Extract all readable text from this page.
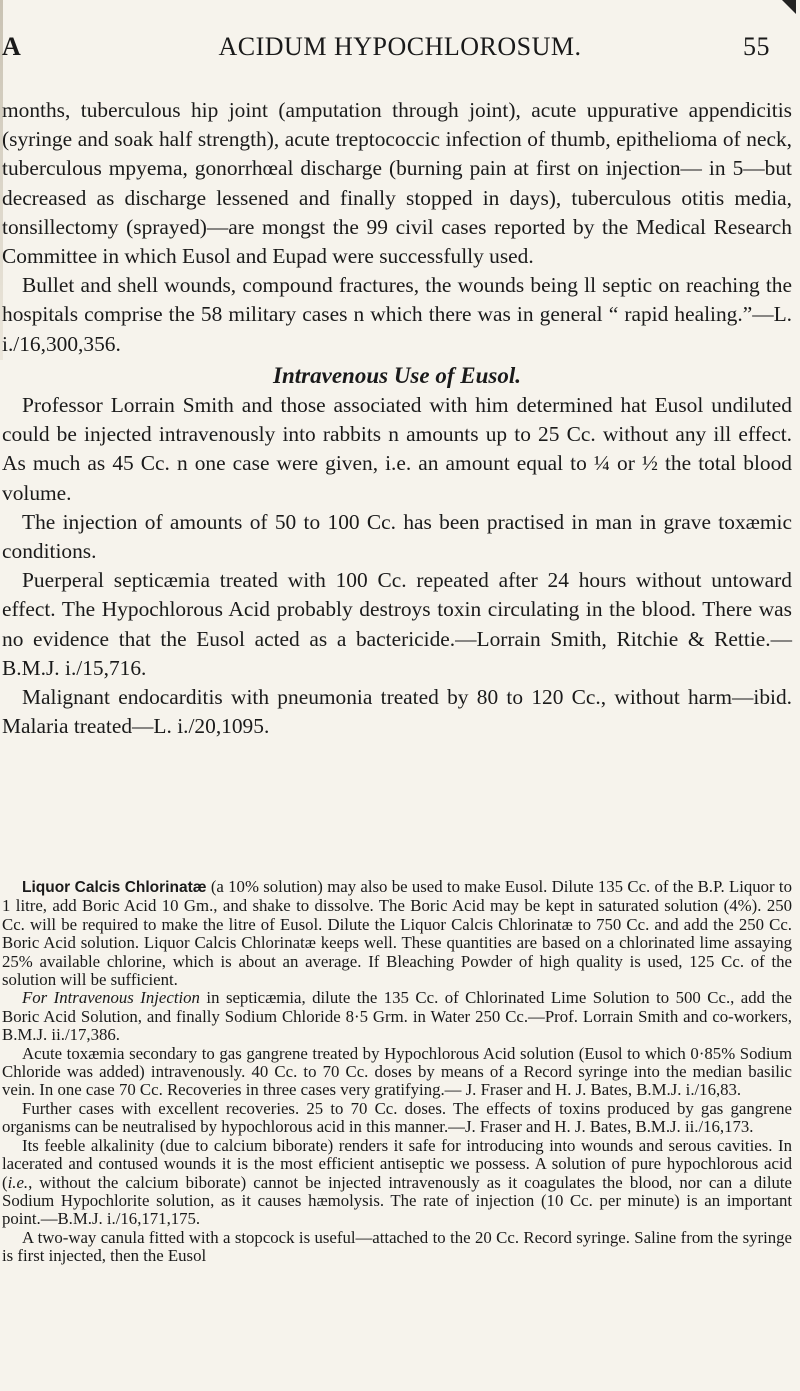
A	ACIDUM HYPOCHLOROSUM.	55

months, tuberculous hip joint (amputation through joint), acute uppurative appendicitis (syringe and soak half strength), acute treptococcic infection of thumb, epithelioma of neck, tuberculous mpyema, gonorrhœal discharge (burning pain at first on injection— in 5—but decreased as discharge lessened and finally stopped in days), tuberculous otitis media, tonsillectomy (sprayed)—are mongst the 99 civil cases reported by the Medical Research Committee in which Eusol and Eupad were successfully used.

Bullet and shell wounds, compound fractures, the wounds being ll septic on reaching the hospitals comprise the 58 military cases n which there was in general “ rapid healing.”—L. i./16,300,356.

Intravenous Use of Eusol.

Professor Lorrain Smith and those associated with him determined hat Eusol undiluted could be injected intravenously into rabbits n amounts up to 25 Cc. without any ill effect. As much as 45 Cc. n one case were given, i.e. an amount equal to ¼ or ½ the total blood volume.

The injection of amounts of 50 to 100 Cc. has been practised in man in grave toxæmic conditions.

Puerperal septicæmia treated with 100 Cc. repeated after 24 hours without untoward effect. The Hypochlorous Acid probably destroys toxin circulating in the blood. There was no evidence that the Eusol acted as a bactericide.—Lorrain Smith, Ritchie & Rettie.—B.M.J. i./15,716.

Malignant endocarditis with pneumonia treated by 80 to 120 Cc., without harm—ibid. Malaria treated—L. i./20,1095.

Liquor Calcis Chlorinatæ (a 10% solution) may also be used to make Eusol. Dilute 135 Cc. of the B.P. Liquor to 1 litre, add Boric Acid 10 Gm., and shake to dissolve. The Boric Acid may be kept in saturated solution (4%). 250 Cc. will be required to make the litre of Eusol. Dilute the Liquor Calcis Chlorinatæ to 750 Cc. and add the 250 Cc. Boric Acid solution. Liquor Calcis Chlorinatæ keeps well. These quantities are based on a chlorinated lime assaying 25% available chlorine, which is about an average. If Bleaching Powder of high quality is used, 125 Cc. of the solution will be sufficient.

For Intravenous Injection in septicæmia, dilute the 135 Cc. of Chlorinated Lime Solution to 500 Cc., add the Boric Acid Solution, and finally Sodium Chloride 8·5 Grm. in Water 250 Cc.—Prof. Lorrain Smith and co-workers, B.M.J. ii./17,386.

Acute toxæmia secondary to gas gangrene treated by Hypochlorous Acid solution (Eusol to which 0·85% Sodium Chloride was added) intravenously. 40 Cc. to 70 Cc. doses by means of a Record syringe into the median basilic vein. In one case 70 Cc. Recoveries in three cases very gratifying.— J. Fraser and H. J. Bates, B.M.J. i./16,83.

Further cases with excellent recoveries. 25 to 70 Cc. doses. The effects of toxins produced by gas gangrene organisms can be neutralised by hypochlorous acid in this manner.—J. Fraser and H. J. Bates, B.M.J. ii./16,173.

Its feeble alkalinity (due to calcium biborate) renders it safe for introducing into wounds and serous cavities. In lacerated and contused wounds it is the most efficient antiseptic we possess. A solution of pure hypochlorous acid (i.e., without the calcium biborate) cannot be injected intravenously as it coagulates the blood, nor can a dilute Sodium Hypochlorite solution, as it causes hæmolysis. The rate of injection (10 Cc. per minute) is an important point.—B.M.J. i./16,171,175.

A two-way canula fitted with a stopcock is useful—attached to the 20 Cc. Record syringe. Saline from the syringe is first injected, then the Eusol
